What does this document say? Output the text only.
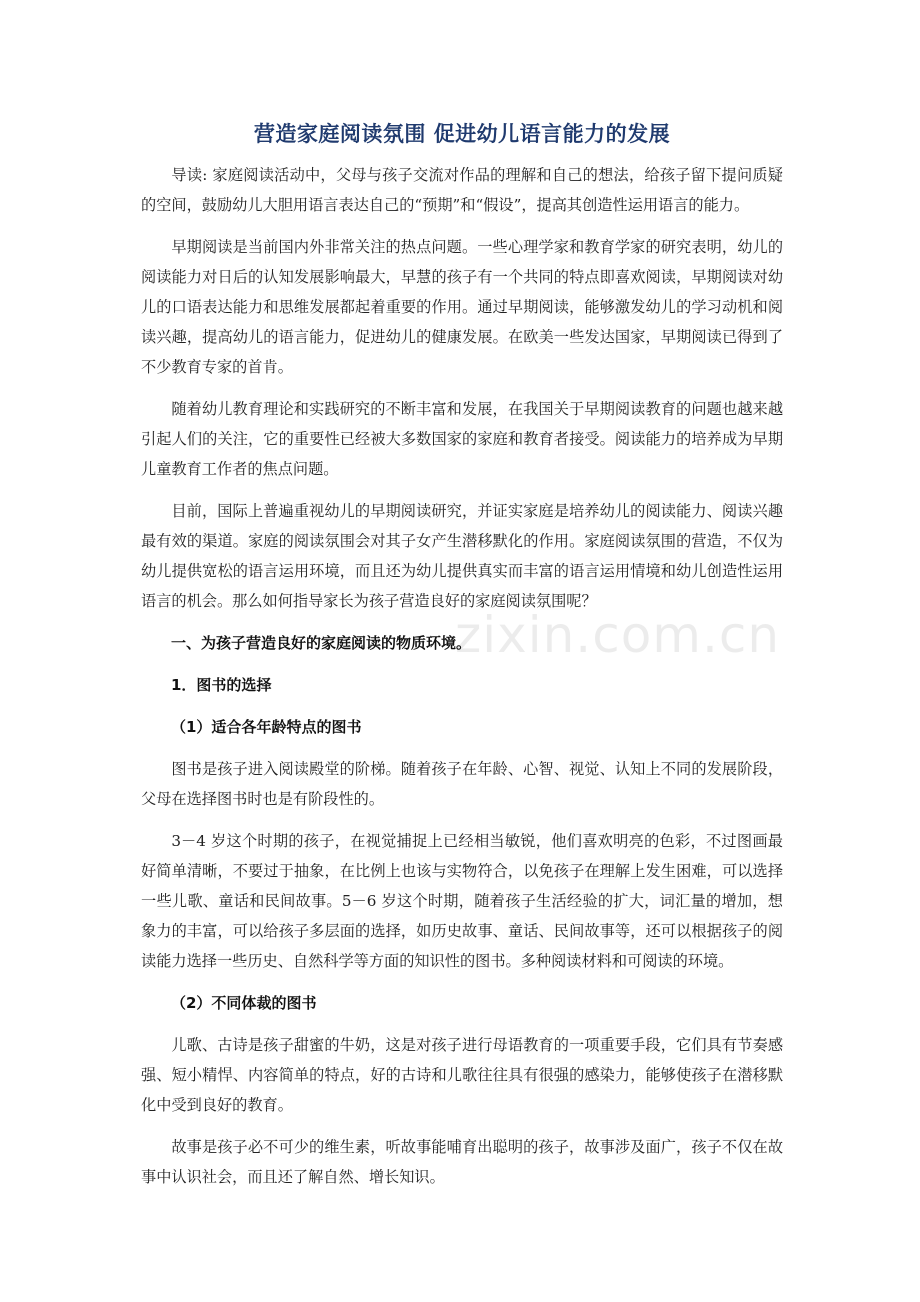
营造家庭阅读氛围 促进幼儿语言能力的发展

导读: 家庭阅读活动中，父母与孩子交流对作品的理解和自己的想法，给孩子留下提问质疑的空间，鼓励幼儿大胆用语言表达自己的“预期”和“假设”，提高其创造性运用语言的能力。

早期阅读是当前国内外非常关注的热点问题。一些心理学家和教育学家的研究表明，幼儿的阅读能力对日后的认知发展影响最大，早慧的孩子有一个共同的特点即喜欢阅读，早期阅读对幼儿的口语表达能力和思维发展都起着重要的作用。通过早期阅读，能够激发幼儿的学习动机和阅读兴趣，提高幼儿的语言能力，促进幼儿的健康发展。在欧美一些发达国家，早期阅读已得到了不少教育专家的首肯。

随着幼儿教育理论和实践研究的不断丰富和发展，在我国关于早期阅读教育的问题也越来越引起人们的关注，它的重要性已经被大多数国家的家庭和教育者接受。阅读能力的培养成为早期儿童教育工作者的焦点问题。

目前，国际上普遍重视幼儿的早期阅读研究，并证实家庭是培养幼儿的阅读能力、阅读兴趣最有效的渠道。家庭的阅读氛围会对其子女产生潜移默化的作用。家庭阅读氛围的营造，不仅为幼儿提供宽松的语言运用环境，而且还为幼儿提供真实而丰富的语言运用情境和幼儿创造性运用语言的机会。那么如何指导家长为孩子营造良好的家庭阅读氛围呢？

一、为孩子营造良好的家庭阅读的物质环境。
1．图书的选择
（1）适合各年龄特点的图书

图书是孩子进入阅读殿堂的阶梯。随着孩子在年龄、心智、视觉、认知上不同的发展阶段，父母在选择图书时也是有阶段性的。

3－4 岁这个时期的孩子，在视觉捕捉上已经相当敏锐，他们喜欢明亮的色彩，不过图画最好简单清晰，不要过于抽象，在比例上也该与实物符合，以免孩子在理解上发生困难，可以选择一些儿歌、童话和民间故事。5－6 岁这个时期，随着孩子生活经验的扩大，词汇量的增加，想象力的丰富，可以给孩子多层面的选择，如历史故事、童话、民间故事等，还可以根据孩子的阅读能力选择一些历史、自然科学等方面的知识性的图书。多种阅读材料和可阅读的环境。

（2）不同体裁的图书

儿歌、古诗是孩子甜蜜的牛奶，这是对孩子进行母语教育的一项重要手段，它们具有节奏感强、短小精悍、内容简单的特点，好的古诗和儿歌往往具有很强的感染力，能够使孩子在潜移默化中受到良好的教育。

故事是孩子必不可少的维生素，听故事能哺育出聪明的孩子，故事涉及面广，孩子不仅在故事中认识社会，而且还了解自然、增长知识。

zixin.com.cn
